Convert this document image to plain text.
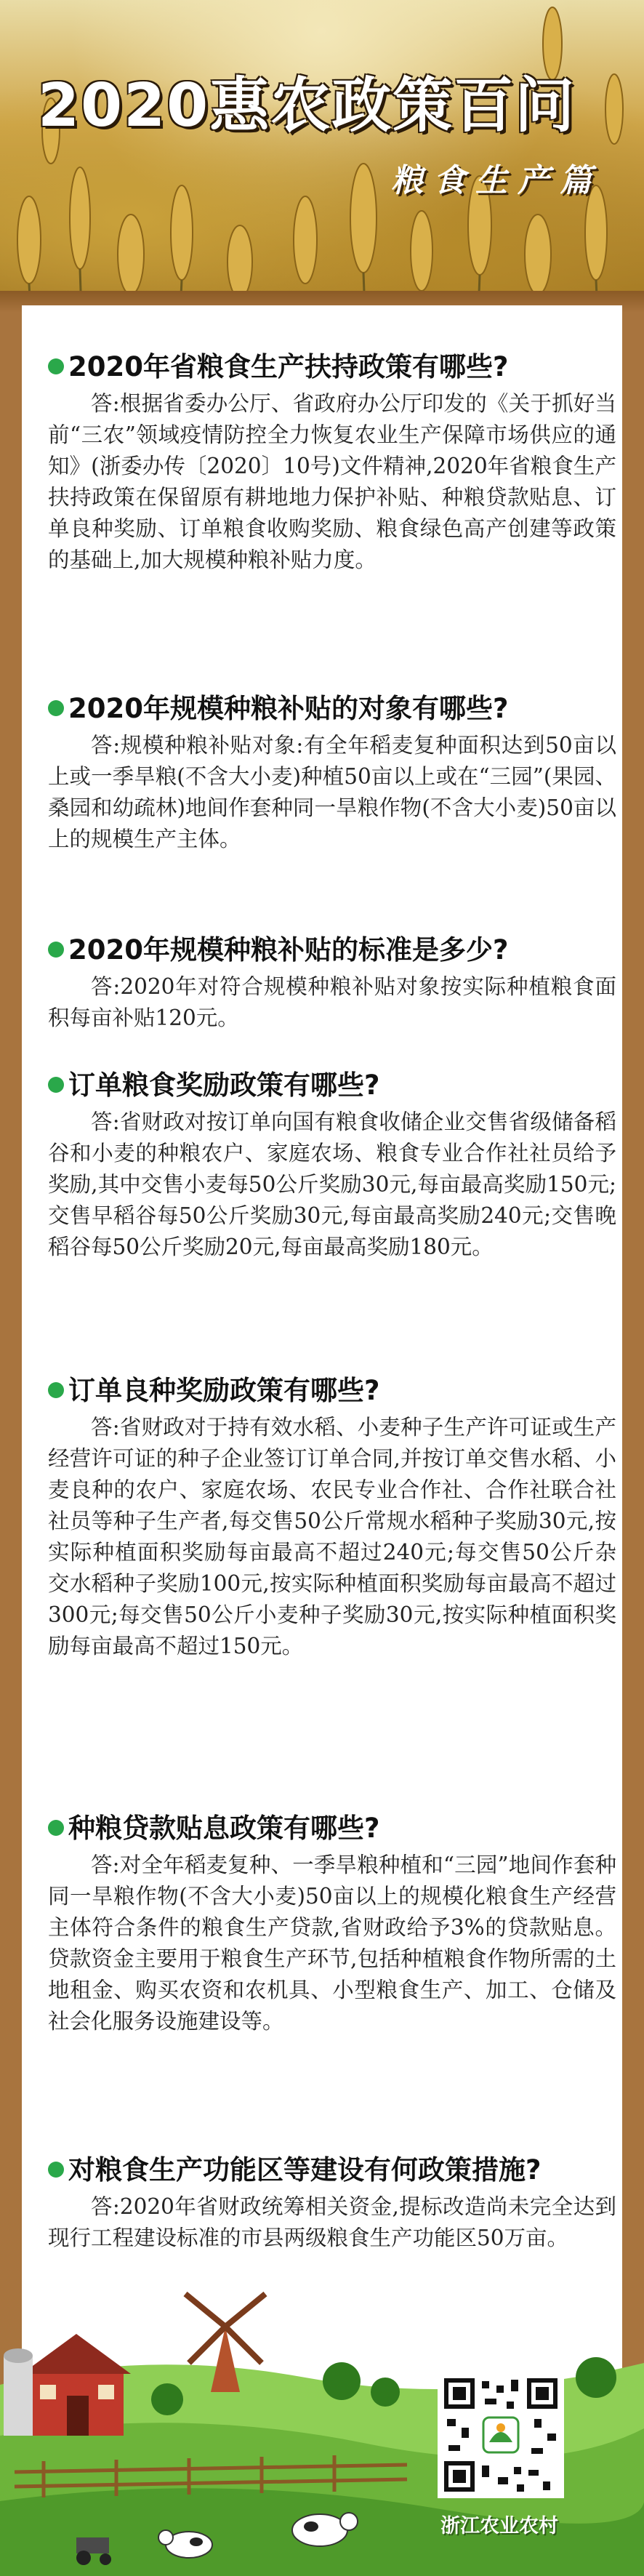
2020惠农政策百问

粮食生产篇

2020年省粮食生产扶持政策有哪些?

答:根据省委办公厅、省政府办公厅印发的《关于抓好当前“三农”领域疫情防控全力恢复农业生产保障市场供应的通知》(浙委办传〔2020〕10号)文件精神,2020年省粮食生产扶持政策在保留原有耕地地力保护补贴、种粮贷款贴息、订单良种奖励、订单粮食收购奖励、粮食绿色高产创建等政策的基础上,加大规模种粮补贴力度。

2020年规模种粮补贴的对象有哪些?

答:规模种粮补贴对象:有全年稻麦复种面积达到50亩以上或一季旱粮(不含大小麦)种植50亩以上或在“三园”(果园、桑园和幼疏林)地间作套种同一旱粮作物(不含大小麦)50亩以上的规模生产主体。

2020年规模种粮补贴的标准是多少?

答:2020年对符合规模种粮补贴对象按实际种植粮食面积每亩补贴120元。

订单粮食奖励政策有哪些?

答:省财政对按订单向国有粮食收储企业交售省级储备稻谷和小麦的种粮农户、家庭农场、粮食专业合作社社员给予奖励,其中交售小麦每50公斤奖励30元,每亩最高奖励150元;交售早稻谷每50公斤奖励30元,每亩最高奖励240元;交售晚稻谷每50公斤奖励20元,每亩最高奖励180元。

订单良种奖励政策有哪些?

答:省财政对于持有效水稻、小麦种子生产许可证或生产经营许可证的种子企业签订订单合同,并按订单交售水稻、小麦良种的农户、家庭农场、农民专业合作社、合作社联合社社员等种子生产者,每交售50公斤常规水稻种子奖励30元,按实际种植面积奖励每亩最高不超过240元;每交售50公斤杂交水稻种子奖励100元,按实际种植面积奖励每亩最高不超过300元;每交售50公斤小麦种子奖励30元,按实际种植面积奖励每亩最高不超过150元。

种粮贷款贴息政策有哪些?

答:对全年稻麦复种、一季旱粮种植和“三园”地间作套种同一旱粮作物(不含大小麦)50亩以上的规模化粮食生产经营主体符合条件的粮食生产贷款,省财政给予3%的贷款贴息。贷款资金主要用于粮食生产环节,包括种植粮食作物所需的土地租金、购买农资和农机具、小型粮食生产、加工、仓储及社会化服务设施建设等。

对粮食生产功能区等建设有何政策措施?

答:2020年省财政统筹相关资金,提标改造尚未完全达到现行工程建设标准的市县两级粮食生产功能区50万亩。

浙江农业农村
